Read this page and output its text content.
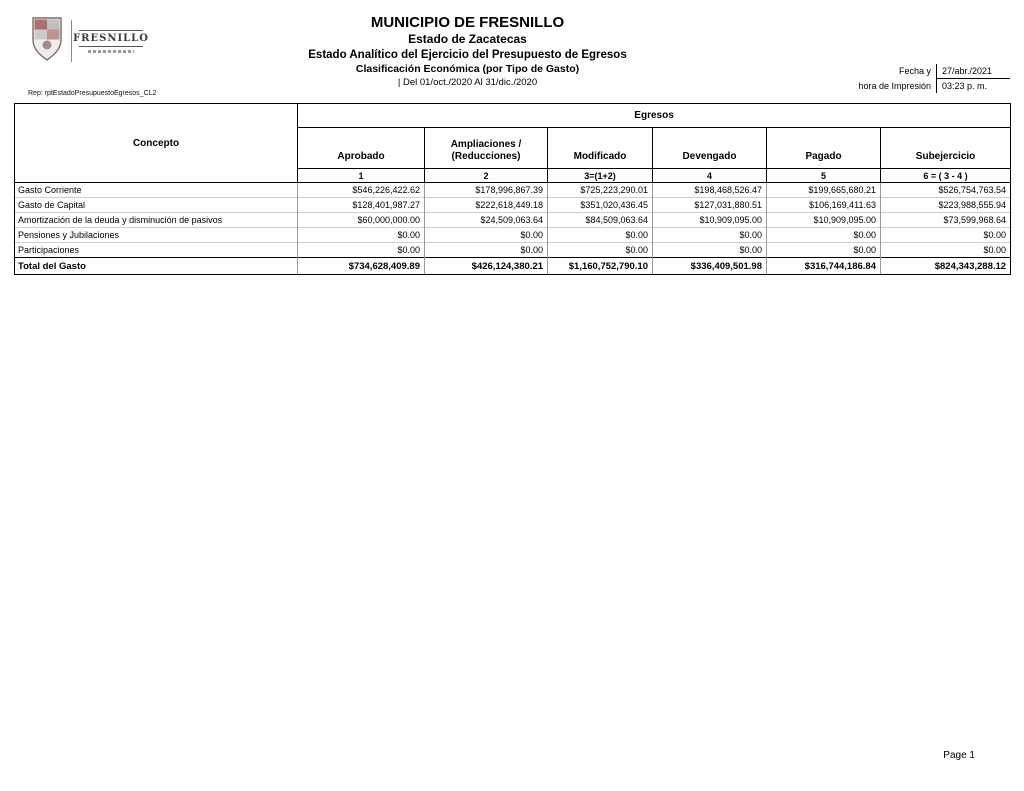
FRESNILLO
MUNICIPIO DE FRESNILLO
Estado de Zacatecas
Estado Analítico del Ejercicio del Presupuesto de Egresos
Clasificación Económica (por Tipo de Gasto)
| Del 01/oct./2020 Al 31/dic./2020
Fecha y	27/abr./2021
hora de Impresión	03:23 p. m.
Rep: rptEstadoPresupuestoEgresos_CL2
Concepto	Egresos					
	Aprobado	Ampliaciones / (Reducciones)	Modificado	Devengado	Pagado	Subejercicio
	1	2	3=(1+2)	4	5	6 = ( 3 - 4 )
Gasto Corriente	$546,226,422.62	$178,996,867.39	$725,223,290.01	$198,468,526.47	$199,665,680.21	$526,754,763.54
Gasto de Capital	$128,401,987.27	$222,618,449.18	$351,020,436.45	$127,031,880.51	$106,169,411.63	$223,988,555.94
Amortización de la deuda y disminución de pasivos	$60,000,000.00	$24,509,063.64	$84,509,063.64	$10,909,095.00	$10,909,095.00	$73,599,968.64
Pensiones y Jubilaciones	$0.00	$0.00	$0.00	$0.00	$0.00	$0.00
Participaciones	$0.00	$0.00	$0.00	$0.00	$0.00	$0.00
Total del Gasto	$734,628,409.89	$426,124,380.21	$1,160,752,790.10	$336,409,501.98	$316,744,186.84	$824,343,288.12
Page 1
